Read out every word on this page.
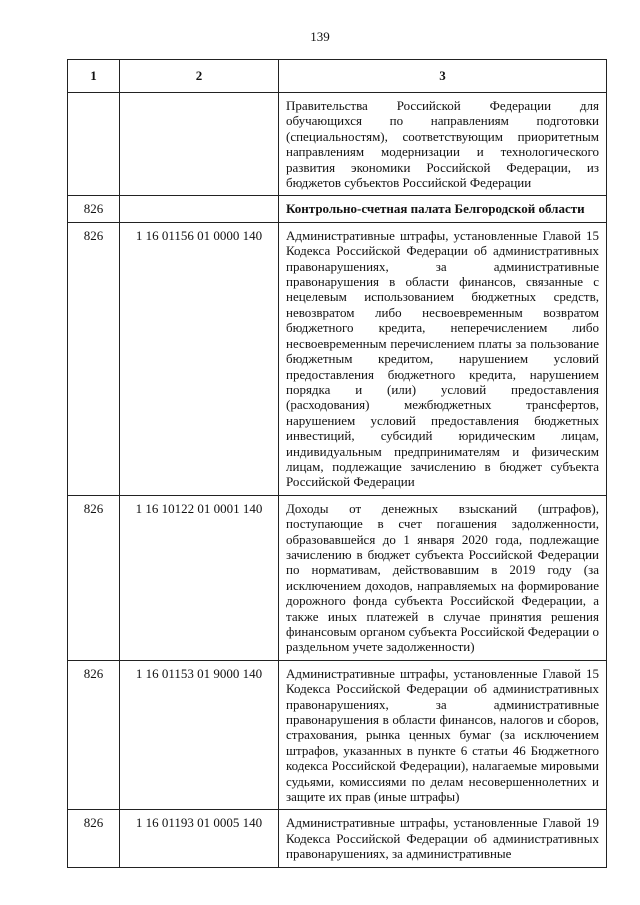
139
1	2	3
		Правительства Российской Федерации для обучающихся по направлениям подготовки (специальностям), соответствующим приоритетным направлениям модернизации и технологического развития экономики Российской Федерации, из бюджетов субъектов Российской Федерации
826		Контрольно-счетная палата Белгородской области
826	1 16 01156 01 0000 140	Административные штрафы, установленные Главой 15 Кодекса Российской Федерации об административных правонарушениях, за административные правонарушения в области финансов, связанные с нецелевым использованием бюджетных средств, невозвратом либо несвоевременным возвратом бюджетного кредита, неперечислением либо несвоевременным перечислением платы за пользование бюджетным кредитом, нарушением условий предоставления бюджетного кредита, нарушением порядка и (или) условий предоставления (расходования) межбюджетных трансфертов, нарушением условий предоставления бюджетных инвестиций, субсидий юридическим лицам, индивидуальным предпринимателям и физическим лицам, подлежащие зачислению в бюджет субъекта Российской Федерации
826	1 16 10122 01 0001 140	Доходы от денежных взысканий (штрафов), поступающие в счет погашения задолженности, образовавшейся до 1 января 2020 года, подлежащие зачислению в бюджет субъекта Российской Федерации по нормативам, действовавшим в 2019 году (за исключением доходов, направляемых на формирование дорожного фонда субъекта Российской Федерации, а также иных платежей в случае принятия решения финансовым органом субъекта Российской Федерации о раздельном учете задолженности)
826	1 16 01153 01 9000 140	Административные штрафы, установленные Главой 15 Кодекса Российской Федерации об административных правонарушениях, за административные правонарушения в области финансов, налогов и сборов, страхования, рынка ценных бумаг (за исключением штрафов, указанных в пункте 6 статьи 46 Бюджетного кодекса Российской Федерации), налагаемые мировыми судьями, комиссиями по делам несовершеннолетних и защите их прав (иные штрафы)
826	1 16 01193 01 0005 140	Административные штрафы, установленные Главой 19 Кодекса Российской Федерации об административных правонарушениях, за административные
